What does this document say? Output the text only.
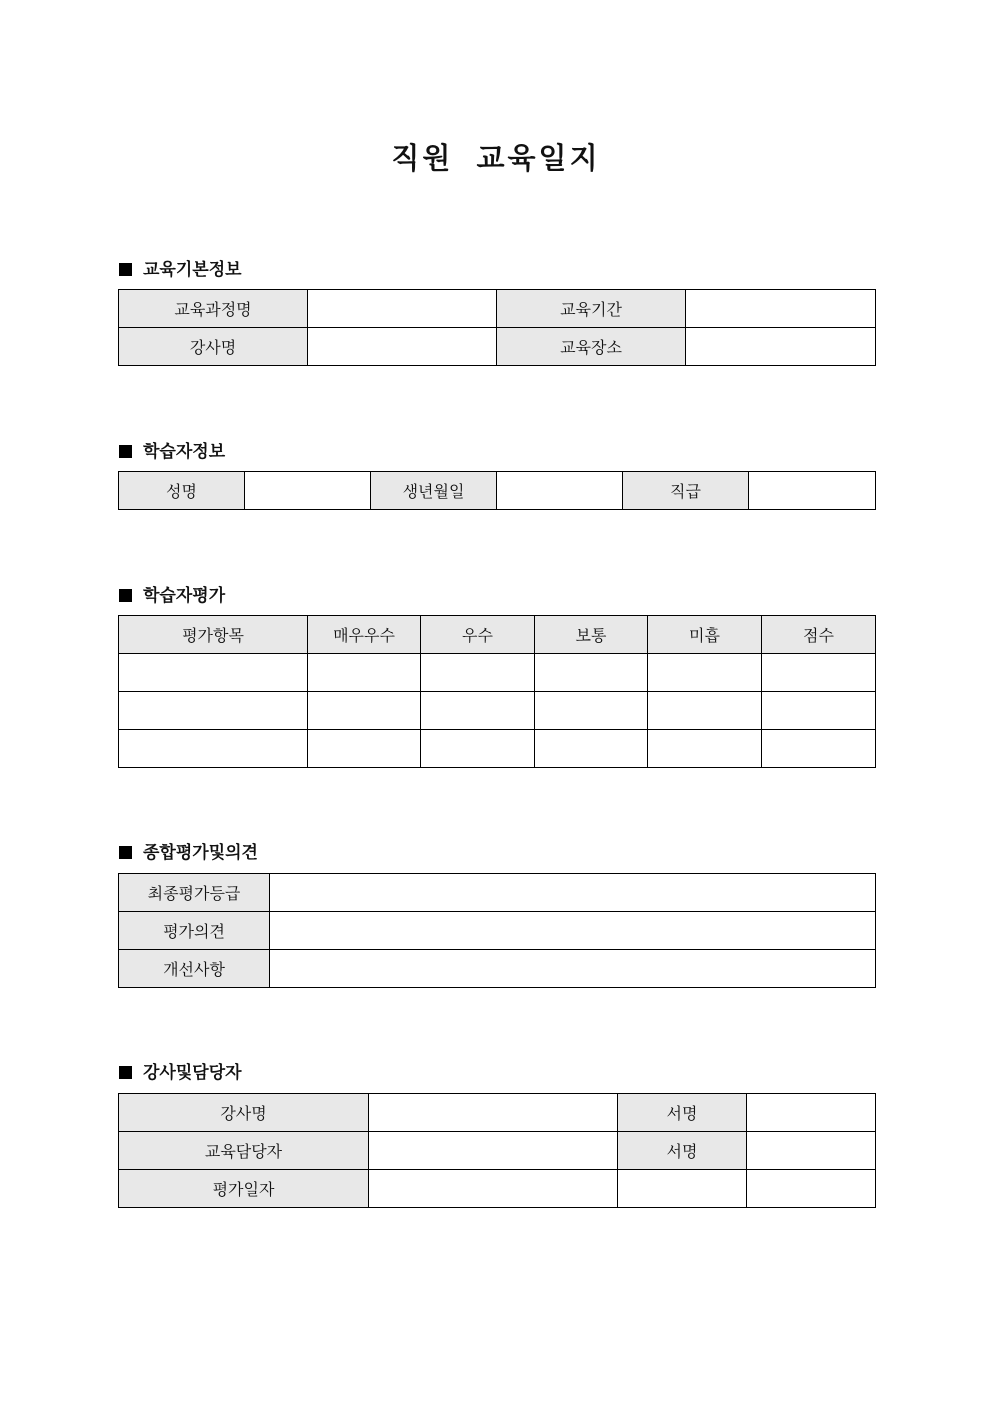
직원 교육일지
교육기본정보
교육과정명		교육기간	
강사명		교육장소	
학습자정보
성명		생년월일		직급	
학습자평가
평가항목	매우우수	우수	보통	미흡	점수

종합평가및의견
최종평가등급	
평가의견	
개선사항	
강사및담당자
강사명		서명	
교육담당자		서명	
평가일자			
